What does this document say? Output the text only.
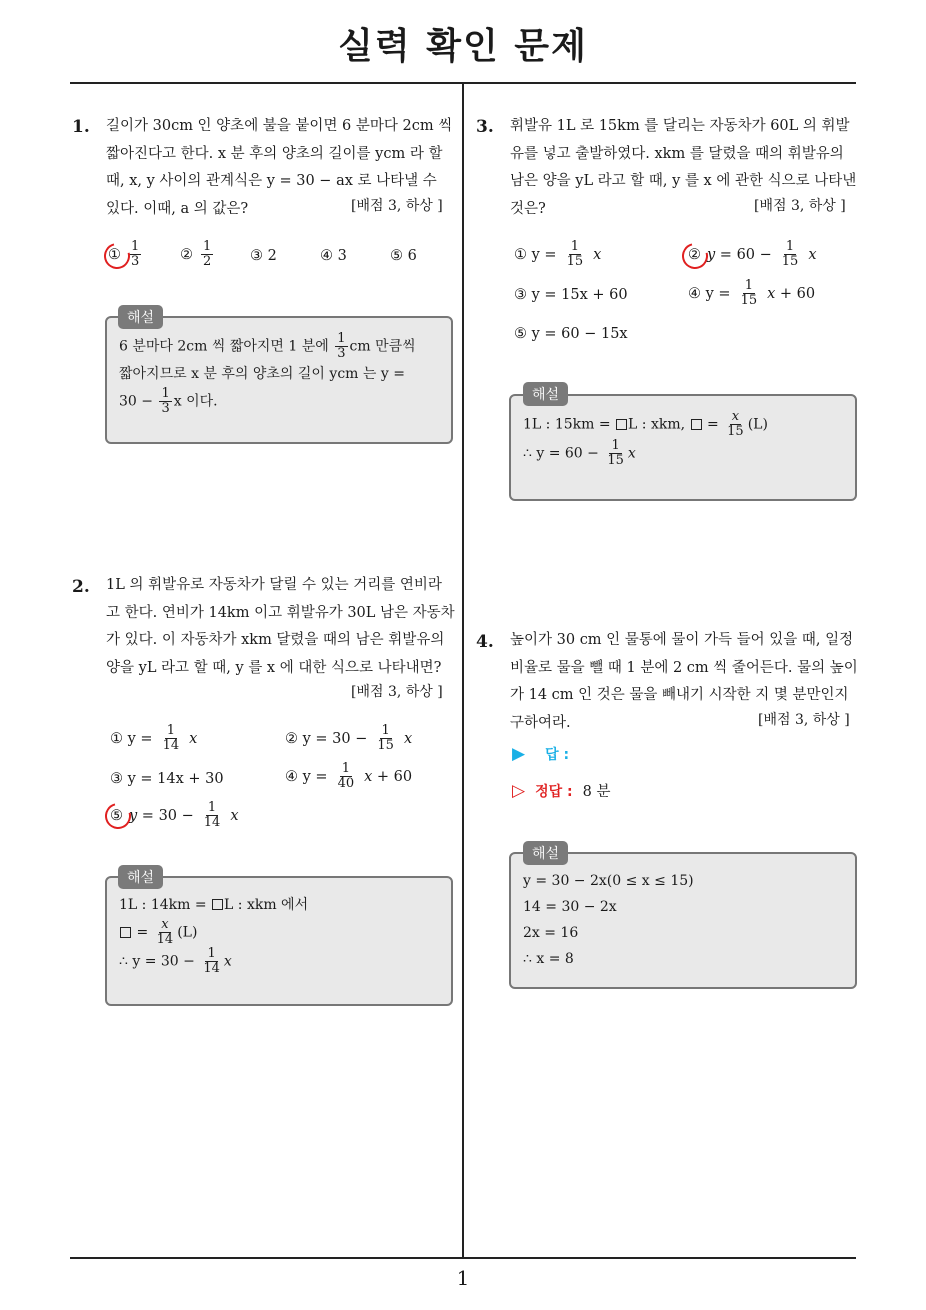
실력 확인 문제
1
1. 길이가 30cm 인 양초에 불을 붙이면 6 분마다 2cm 씩
짧아진다고 한다. x 분 후의 양초의 길이를 ycm 라 할
때, x, y 사이의 관계식은 y = 30 − ax 로 나타낼 수
있다. 이때, a 의 값은?	[배점 3, 하상 ]
① $\frac{1}{3}$	② $\frac{1}{2}$	③ 2	④ 3	⑤ 6
6 분마다 2cm 씩 짧아지면 1 분에 $\frac{1}{3}$ cm 만큼씩
짧아지므로 x 분 후의 양초의 길이 ycm 는 y =
$30 - \frac{1}{3}$ x 이다.
해설
2. 1L 의 휘발유로 자동차가 달릴 수 있는 거리를 연비라
고 한다. 연비가 14km 이고 휘발유가 30L 남은 자동차
가 있다. 이 자동차가 xkm 달렸을 때의 남은 휘발유의
양을 yL 라고 할 때, y 를 x 에 대한 식으로 나타내면?
[배점 3, 하상 ]
① $y = \frac{1}{14}$ x	② $y = 30 - \frac{1}{15}$ x
③ y = 14x + 30	④ $y = \frac{1}{40}$ x + 60
⑤ $y = 30 - \frac{1}{14}$ x
1L : 14km = L : xkm 에서
= $\frac{x}{14} (L)$
∴ $y = 30 - \frac{1}{14}$ x
해설
3. 휘발유 1L 로 15km 를 달리는 자동차가 60L 의 휘발
유를 넣고 출발하였다. xkm 를 달렸을 때의 휘발유의
남은 양을 yL 라고 할 때, y 를 x 에 관한 식으로 나타낸
것은?	[배점 3, 하상 ]
① $y = \frac{1}{15}$ x	② $y = 60 - \frac{1}{15}$ x
③ y = 15x + 60	④ $y = \frac{1}{15}$ x + 60
⑤ y = 60 − 15x
1L : 15km = L : xkm,  = $\frac{x}{15} (L)$
∴ $y = 60 - \frac{1}{15}$ x
해설
4. 높이가 30 cm 인 물통에 물이 가득 들어 있을 때, 일정
비율로 물을 뺄 때 1 분에 2 cm 씩 줄어든다. 물의 높이
가 14 cm 인 것은 물을 빼내기 시작한 지 몇 분만인지
구하여라.	[배점 3, 하상 ]
▶ 답 :
▷ 정답 : 8 분
y = 30 − 2x(0 ≤ x ≤ 15)
14 = 30 − 2x
2x = 16
∴ x = 8
해설
